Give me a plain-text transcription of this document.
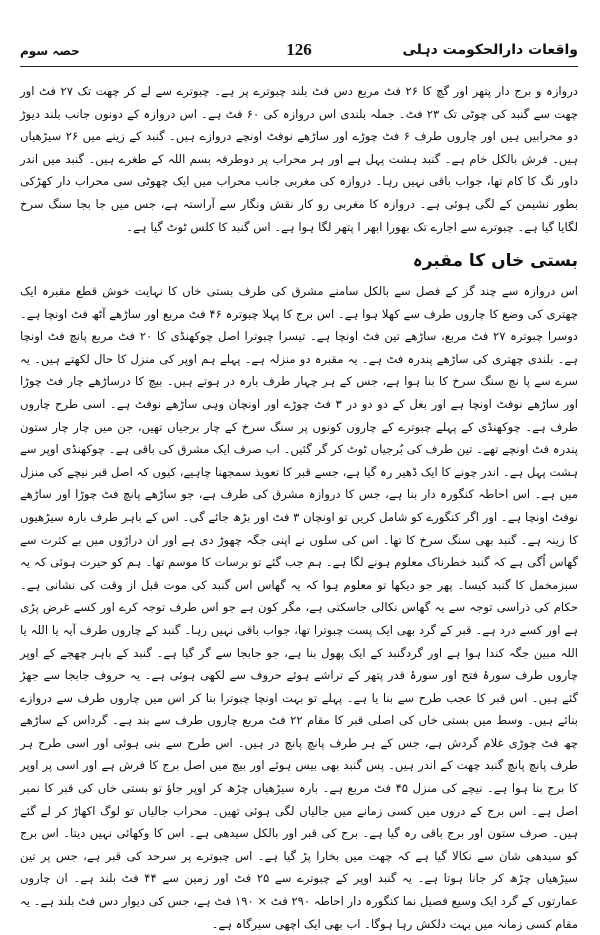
حصہ سوم	126	واقعات دارالحکومت دہلی
دروازہ و برج دار پتھر اور گچ کا ۲۶ فٹ مربع دس فٹ بلند چبوترے پر ہے۔ چبوترے سے لے کر چھت تک ۲۷ فٹ اور چھت سے گنبد کی چوٹی تک ۲۳ فٹ۔ جملہ بلندی اس دروازہ کی ۶۰ فٹ ہے۔ اس دروازہ کے دونوں جانب بلند دیوڑ دو محرابیں ہیں اور چاروں طرف ۶ فٹ چوڑے اور ساڑھے نوفٹ اونچے دروازے ہیں۔ گنبد کے زینے میں ۲۶ سیڑھیاں ہیں۔ فرش بالکل خام ہے۔ گنبد ہشت پہل ہے اور ہر محراب پر دوطرفہ بسم اللہ کے طغرے ہیں۔ گنبد میں اندر داور نگ کا کام تھا، جواب باقی نہیں رہا۔ دروازہ کی مغربی جانب محراب میں ایک چھوٹی سی محراب دار کھڑکی بطور نشیمن کے لگی ہوئی ہے۔ دروازہ کا مغربی رو کار نقش ونگار سے آراستہ ہے، جس میں جا بجا سنگ سرخ لگایا گیا ہے۔ چبوترے سے اجارے تک بھورا ابھر ا پتھر لگا ہوا ہے۔ اس گنبد کا کلس ٹوٹ گیا ہے۔
بستی خاں کا مقبرہ
اس دروازہ سے چند گز کے فصل سے بالکل سامنے مشرق کی طرف بستی خاں کا نہایت خوش قطع مقبرہ ایک چھتری کی وضع کا چاروں طرف سے کھلا ہوا ہے۔ اس برج کا پہلا چبوترہ ۴۶ فٹ مربع اور ساڑھے آٹھ فٹ اونچا ہے۔ دوسرا چبوترہ ۲۷ فٹ مربع، ساڑھے تین فٹ اونچا ہے۔ تیسرا چبوترا اصل چوکھنڈی کا ۲۰ فٹ مربع پانچ فٹ اونچا ہے۔ بلندی چھتری کی ساڑھے پندرہ فٹ ہے۔ یہ مقبرہ دو منزلہ ہے۔ پہلے ہم اوپر کی منزل کا حال لکھتے ہیں۔ یہ سرے سے پا نچ سنگ سرخ کا بنا ہوا ہے، جس کے ہر چہار طرف بارہ در ہوتے ہیں۔ بیچ کا درساڑھے چار فٹ چوڑا اور ساڑھے نوفٹ اونچا ہے اور بغل کے دو دو در ۳ فٹ چوڑے اور اونچان وہی ساڑھے نوفٹ ہے۔ اسی طرح چاروں طرف ہے۔ چوکھنڈی کے پہلے چبوترے کے چاروں کونوں پر سنگ سرخ کے چار برجیاں تھیں، جن میں چار چار ستون پندرہ فٹ اونچے تھے۔ تین طرف کی بُرجیاں ٹوٹ کر گر گئیں۔ اب صرف ایک مشرق کی باقی ہے۔ چوکھنڈی اوپر سے ہشت پہل ہے۔ اندر چونے کا ایک ڈھیر رہ گیا ہے، جسے قبر کا تعویذ سمجھنا چاہیے، کیوں کہ اصل قبر نیچے کی منزل میں ہے۔ اس احاطہ کنگورہ دار بنا ہے، جس کا دروازہ مشرق کی طرف ہے، جو ساڑھے پانچ فٹ چوڑا اور ساڑھے نوفٹ اونچا ہے۔ اور اگر کنگورے کو شامل کریں تو اونچان ۳ فٹ اور بڑھ جائے گی۔ اس کے باہر طرف بارہ سیڑھیوں کا زینہ ہے۔ گنبد بھی سنگ سرخ کا تھا۔ اس کی سلوں نے اپنی جگہ چھوڑ دی ہے اور ان دراڑوں میں بے کثرت سے گھاس اُگی ہے کہ گنبد خطرناک معلوم ہونے لگا ہے۔ ہم جب گئے تو برسات کا موسم تھا۔ ہم کو حیرت ہوئی کہ یہ سبزمخمل کا گنبد کیسا۔ پھر جو دیکھا تو معلوم ہوا کہ یہ گھاس اس گنبد کی موت قبل از وقت کی نشانی ہے۔ حکام کی ذراسی توجہ سے یہ گھاس نکالی جاسکتی ہے، مگر کون ہے جو اس طرف توجہ کرے اور کسے غرض پڑی ہے اور کسے درد ہے۔ قبر کے گرد بھی ایک پست چبوترا تھا، جواب باقی نہیں رہا۔ گنبد کے چاروں طرف آیہ یا اللہ یا اللہ مبین جگہ کندا ہوا ہے اور گردگنبد کے ایک پھول بنا ہے، جو جابجا سے گر گیا ہے۔ گنبد کے باہر چھجے کے اوپر چاروں طرف سورۂ فتح اور سورۂ قدر پتھر کے تراشے ہوئے حروف سے لکھی ہوئی ہے۔ یہ حروف جابجا سے جھڑ گئے ہیں۔ اس قبر کا عجب طرح سے بنا یا ہے۔ پہلے تو بہت اونچا چبوترا بنا کر اس میں چاروں طرف سے دروازے بنائے ہیں۔ وسط میں بستی خاں کی اصلی قبر کا مقام ۲۲ فٹ مربع چاروں طرف سے بند ہے۔ گرداس کے ساڑھے چھ فٹ چوڑی غلام گردش ہے، جس کے ہر طرف پانچ پانچ در ہیں۔ اس طرح سے بنی ہوئی اور اسی طرح ہر طرف پانچ پانچ گنبد چھت کے اندر ہیں۔ پس گنبد بھی بیس ہوئے اور بیچ میں اصل برج کا فرش ہے اور اسی پر اوپر کا برج بنا ہوا ہے۔ نیچے کی منزل ۴۵ فٹ مربع ہے۔ بارہ سیڑھیاں چڑھ کر اوپر جاؤ تو بستی خاں کی قبر کا نمبر اصل ہے۔ اس برج کے دروں میں کسی زمانے میں جالیاں لگی ہوئی تھیں۔ محراب جالیاں تو لوگ اکھاڑ کر لے گئے ہیں۔ صرف ستون اور برج باقی رہ گیا ہے۔ برج کی قبر اور بالکل سیدھی ہے۔ اس کا وکھائی نہیں دیتا۔ اس برج کو سیدھی شان سے نکالا گیا ہے کہ چھت میں بخارا پڑ گیا ہے۔ اس چبوترے پر سرحد کی قبر ہے، جس پر تین سیڑھیاں چڑھ کر جانا ہوتا ہے۔ یہ گنبد اوپر کے چبوترے سے ۲۵ فٹ اور زمین سے ۴۴ فٹ بلند ہے۔ ان چاروں عمارتوں کے گرد ایک وسیع فصیل نما کنگورہ دار احاطہ ۲۹۰ فٹ × ۱۹۰ فٹ ہے، جس کی دیوار دس فٹ بلند ہے۔ یہ مقام کسی زمانہ میں بہت دلکش رہا ہوگا۔ اب بھی ایک اچھی سیرگاہ ہے۔
